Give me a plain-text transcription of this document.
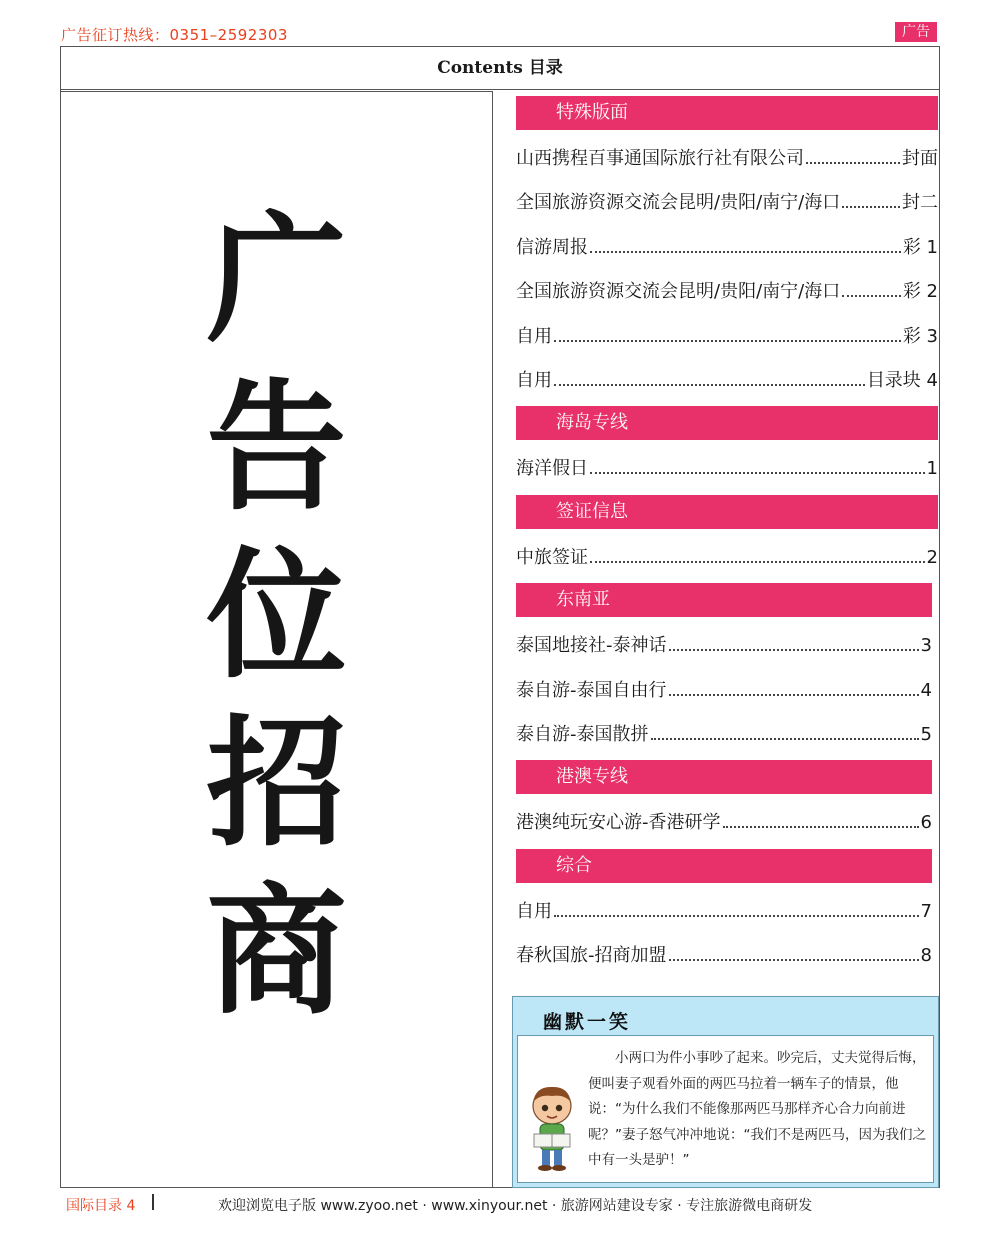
广告征订热线：0351–2592303	广告
Contents 目录
广
告
位
招
商
特殊版面
山西携程百事通国际旅行社有限公司	封面
全国旅游资源交流会昆明/贵阳/南宁/海口	封二
信游周报	彩 1
全国旅游资源交流会昆明/贵阳/南宁/海口	彩 2
自用	彩 3
自用	目录块 4
海岛专线
海洋假日	1
签证信息
中旅签证	2
东南亚
泰国地接社-泰神话	3
泰自游-泰国自由行	4
泰自游-泰国散拼	5
港澳专线
港澳纯玩安心游-香港研学	6
综合
自用	7
春秋国旅-招商加盟	8
幽默一笑
小两口为件小事吵了起来。吵完后，丈夫觉得后悔，便叫妻子观看外面的两匹马拉着一辆车子的情景，他说：“为什么我们不能像那两匹马那样齐心合力向前进呢？”妻子怒气冲冲地说：“我们不是两匹马，因为我们之中有一头是驴！”
国际目录 4	欢迎浏览电子版 www.zyoo.net · www.xinyour.net · 旅游网站建设专家 · 专注旅游微电商研发
